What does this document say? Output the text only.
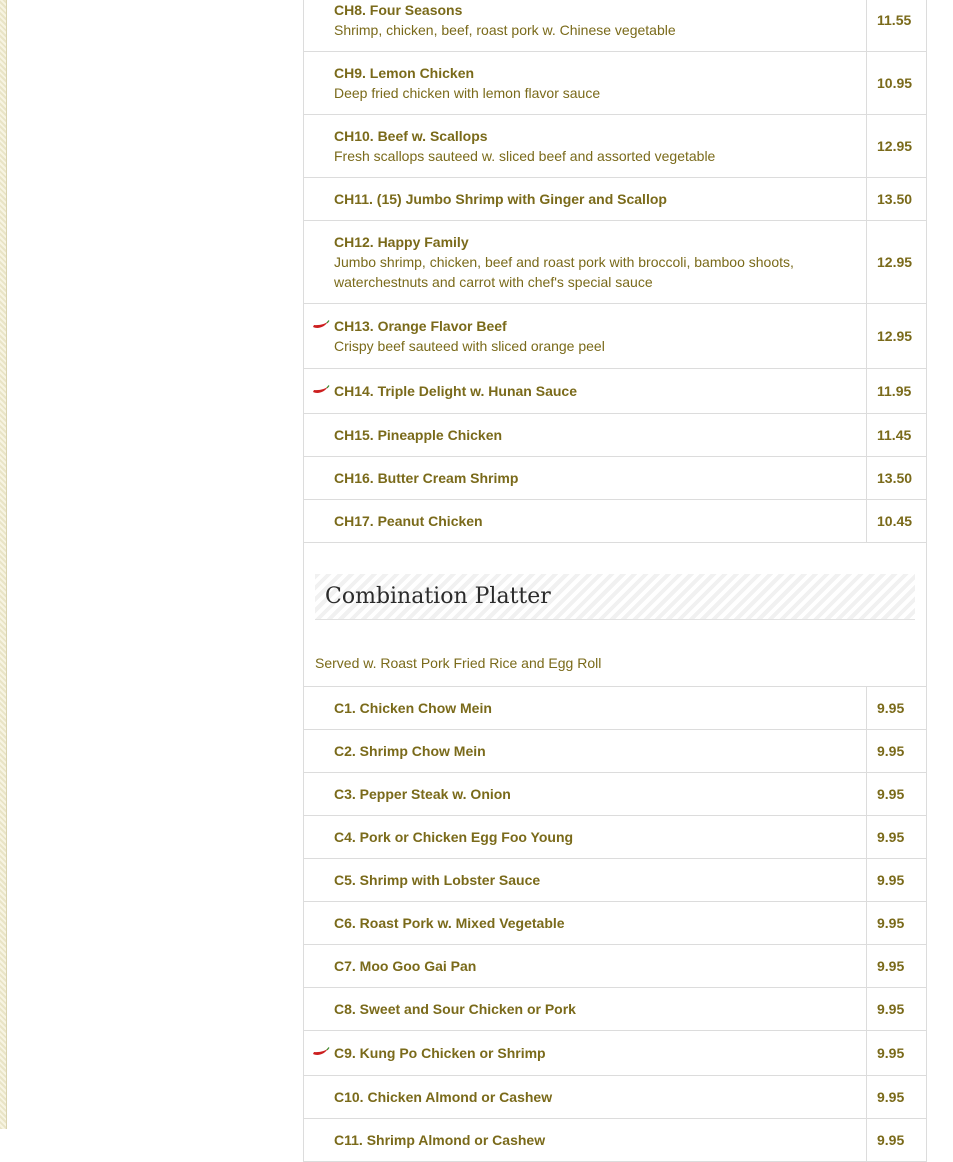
CH8. Four Seasons
Shrimp, chicken, beef, roast pork w. Chinese vegetable
11.55
CH9. Lemon Chicken
Deep fried chicken with lemon flavor sauce
10.95
CH10. Beef w. Scallops
Fresh scallops sauteed w. sliced beef and assorted vegetable
12.95
CH11. (15) Jumbo Shrimp with Ginger and Scallop	13.50
CH12. Happy Family
Jumbo shrimp, chicken, beef and roast pork with broccoli, bamboo shoots, waterchestnuts and carrot with chef's special sauce
12.95
CH13. Orange Flavor Beef
Crispy beef sauteed with sliced orange peel
12.95
CH14. Triple Delight w. Hunan Sauce	11.95
CH15. Pineapple Chicken	11.45
CH16. Butter Cream Shrimp	13.50
CH17. Peanut Chicken	10.45
Combination Platter
Served w. Roast Pork Fried Rice and Egg Roll
C1. Chicken Chow Mein	9.95
C2. Shrimp Chow Mein	9.95
C3. Pepper Steak w. Onion	9.95
C4. Pork or Chicken Egg Foo Young	9.95
C5. Shrimp with Lobster Sauce	9.95
C6. Roast Pork w. Mixed Vegetable	9.95
C7. Moo Goo Gai Pan	9.95
C8. Sweet and Sour Chicken or Pork	9.95
C9. Kung Po Chicken or Shrimp	9.95
C10. Chicken Almond or Cashew	9.95
C11. Shrimp Almond or Cashew	9.95
